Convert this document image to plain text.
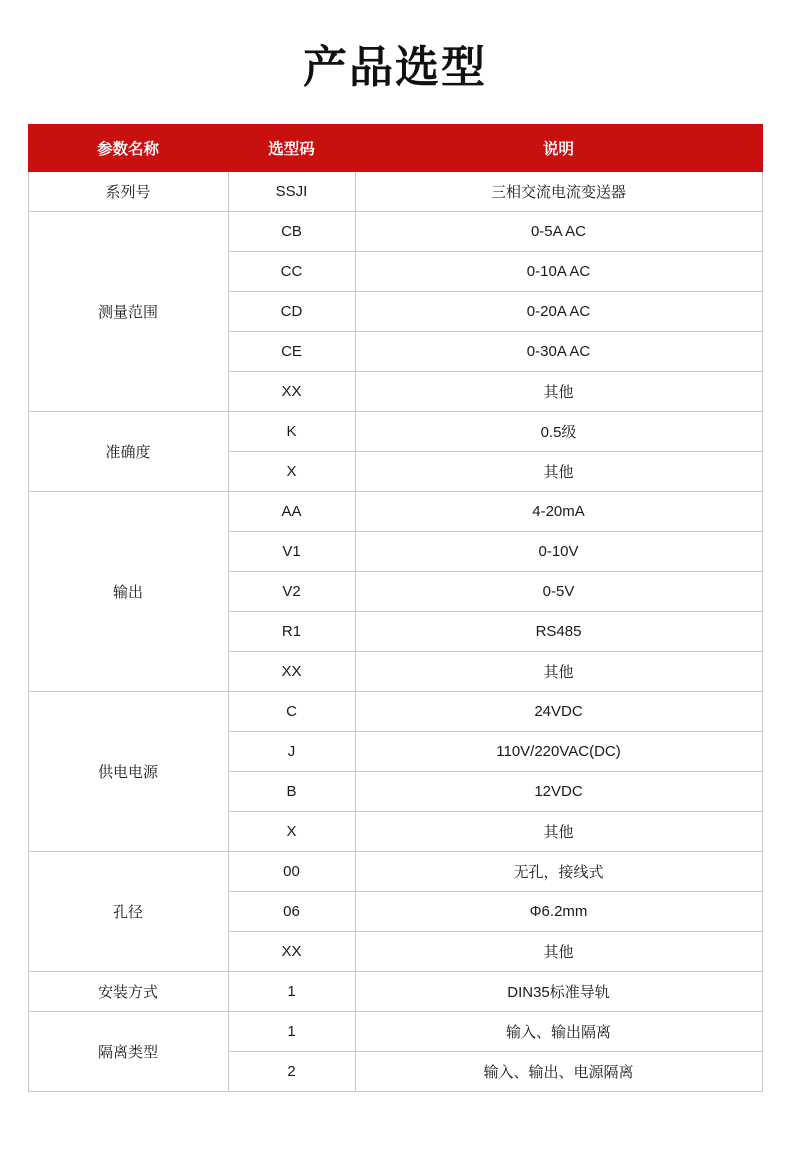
产品选型
参数名称	选型码	说明
系列号	SSJI	三相交流电流变送器
测量范围	CB	0-5A AC
	CC	0-10A AC
	CD	0-20A AC
	CE	0-30A AC
	XX	其他
准确度	K	0.5级
	X	其他
输出	AA	4-20mA
	V1	0-10V
	V2	0-5V
	R1	RS485
	XX	其他
供电电源	C	24VDC
	J	110V/220VAC(DC)
	B	12VDC
	X	其他
孔径	00	无孔，接线式
	06	Φ6.2mm
	XX	其他
安装方式	1	DIN35标准导轨
隔离类型	1	输入、输出隔离
	2	输入、输出、电源隔离
